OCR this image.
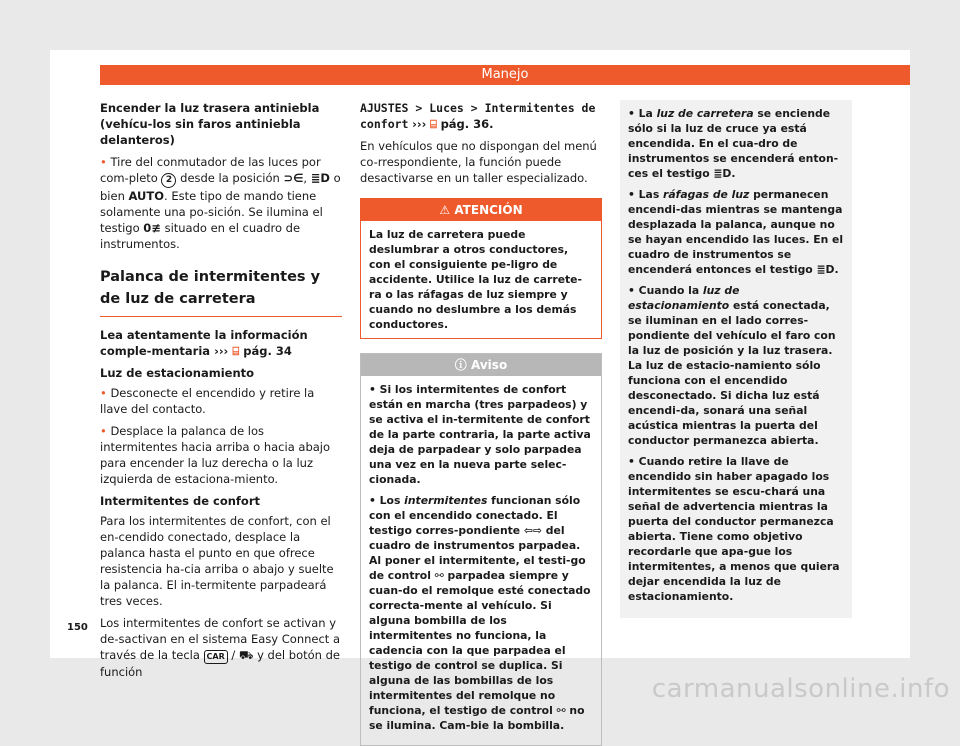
Manejo

Encender la luz trasera antiniebla (vehícu-los sin faros antiniebla delanteros)

• Tire del conmutador de las luces por com-pleto 2 desde la posición ⊃∈, ≣D o bien AUTO. Este tipo de mando tiene solamente una po-sición. Se ilumina el testigo 0≢ situado en el cuadro de instrumentos.

Palanca de intermitentes y de luz de carretera

Lea atentamente la información comple-mentaria ››› ⌸ pág. 34

Luz de estacionamiento

• Desconecte el encendido y retire la llave del contacto.

• Desplace la palanca de los intermitentes hacia arriba o hacia abajo para encender la luz derecha o la luz izquierda de estaciona-miento.

Intermitentes de confort

Para los intermitentes de confort, con el en-cendido conectado, desplace la palanca hasta el punto en que ofrece resistencia ha-cia arriba o abajo y suelte la palanca. El in-termitente parpadeará tres veces.

Los intermitentes de confort se activan y de-sactivan en el sistema Easy Connect a través de la tecla CAR / ⛟ y del botón de función

AJUSTES > Luces > Intermitentes de confort ››› ⌸ pág. 36.

En vehículos que no dispongan del menú co-rrespondiente, la función puede desactivarse en un taller especializado.

⚠ ATENCIÓN
La luz de carretera puede deslumbrar a otros conductores, con el consiguiente pe-ligro de accidente. Utilice la luz de carrete-ra o las ráfagas de luz siempre y cuando no deslumbre a los demás conductores.
ⓘ Aviso

• Si los intermitentes de confort están en marcha (tres parpadeos) y se activa el in-termitente de confort de la parte contraria, la parte activa deja de parpadear y solo parpadea una vez en la nueva parte selec-cionada.

• Los intermitentes funcionan sólo con el encendido conectado. El testigo corres-pondiente ⇦⇨ del cuadro de instrumentos parpadea. Al poner el intermitente, el testi-go de control ⚯ parpadea siempre y cuan-do el remolque esté conectado correcta-mente al vehículo. Si alguna bombilla de los intermitentes no funciona, la cadencia con la que parpadea el testigo de control se duplica. Si alguna de las bombillas de los intermitentes del remolque no funciona, el testigo de control ⚯ no se ilumina. Cam-bie la bombilla.

• La luz de carretera se enciende sólo si la luz de cruce ya está encendida. En el cua-dro de instrumentos se encenderá enton-ces el testigo ≣D.

• Las ráfagas de luz permanecen encendi-das mientras se mantenga desplazada la palanca, aunque no se hayan encendido las luces. En el cuadro de instrumentos se encenderá entonces el testigo ≣D.

• Cuando la luz de estacionamiento está conectada, se iluminan en el lado corres-pondiente del vehículo el faro con la luz de posición y la luz trasera. La luz de estacio-namiento sólo funciona con el encendido desconectado. Si dicha luz está encendi-da, sonará una señal acústica mientras la puerta del conductor permanezca abierta.

• Cuando retire la llave de encendido sin haber apagado los intermitentes se escu-chará una señal de advertencia mientras la puerta del conductor permanezca abierta. Tiene como objetivo recordarle que apa-gue los intermitentes, a menos que quiera dejar encendida la luz de estacionamiento.

150
carmanualsonline.info
